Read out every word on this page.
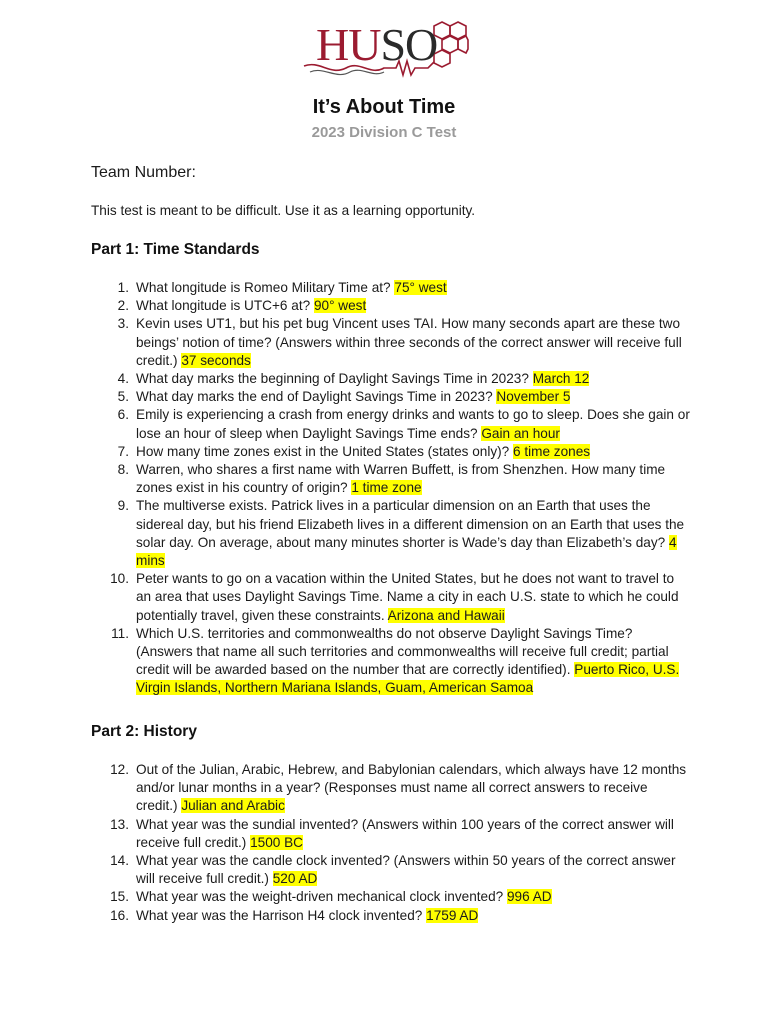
HUSO
It’s About Time
2023 Division C Test
Team Number:
This test is meant to be difficult. Use it as a learning opportunity.
Part 1: Time Standards
1. What longitude is Romeo Military Time at? 75° west
2. What longitude is UTC+6 at? 90° west
3. Kevin uses UT1, but his pet bug Vincent uses TAI. How many seconds apart are these two beings’ notion of time? (Answers within three seconds of the correct answer will receive full credit.) 37 seconds
4. What day marks the beginning of Daylight Savings Time in 2023? March 12
5. What day marks the end of Daylight Savings Time in 2023? November 5
6. Emily is experiencing a crash from energy drinks and wants to go to sleep. Does she gain or lose an hour of sleep when Daylight Savings Time ends? Gain an hour
7. How many time zones exist in the United States (states only)? 6 time zones
8. Warren, who shares a first name with Warren Buffett, is from Shenzhen. How many time zones exist in his country of origin? 1 time zone
9. The multiverse exists. Patrick lives in a particular dimension on an Earth that uses the sidereal day, but his friend Elizabeth lives in a different dimension on an Earth that uses the solar day. On average, about many minutes shorter is Wade’s day than Elizabeth’s day? 4 mins
10. Peter wants to go on a vacation within the United States, but he does not want to travel to an area that uses Daylight Savings Time. Name a city in each U.S. state to which he could potentially travel, given these constraints. Arizona and Hawaii
11. Which U.S. territories and commonwealths do not observe Daylight Savings Time? (Answers that name all such territories and commonwealths will receive full credit; partial credit will be awarded based on the number that are correctly identified). Puerto Rico, U.S. Virgin Islands, Northern Mariana Islands, Guam, American Samoa
Part 2: History
12. Out of the Julian, Arabic, Hebrew, and Babylonian calendars, which always have 12 months and/or lunar months in a year? (Responses must name all correct answers to receive credit.) Julian and Arabic
13. What year was the sundial invented? (Answers within 100 years of the correct answer will receive full credit.) 1500 BC
14. What year was the candle clock invented? (Answers within 50 years of the correct answer will receive full credit.) 520 AD
15. What year was the weight-driven mechanical clock invented? 996 AD
16. What year was the Harrison H4 clock invented? 1759 AD
